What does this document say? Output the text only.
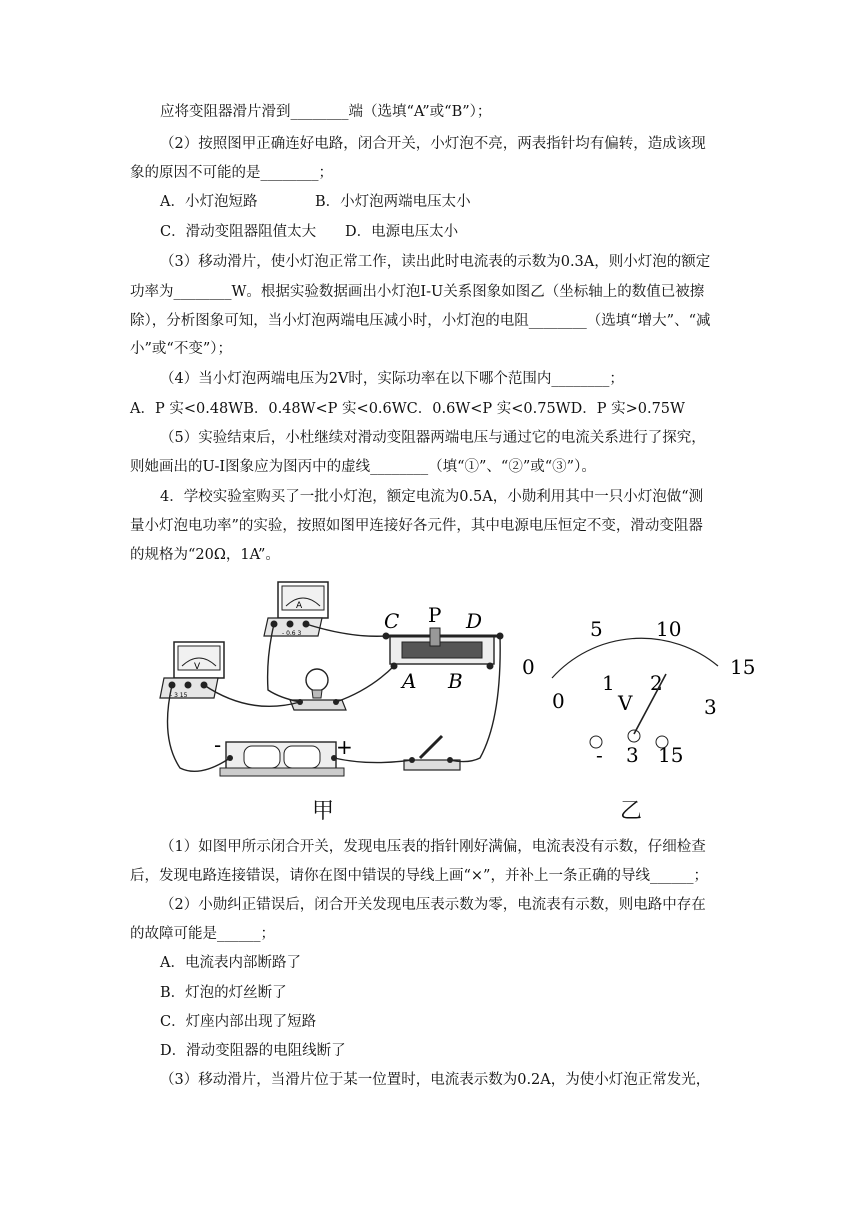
应将变阻器滑片滑到________端（选填“A”或“B”）；
（2）按照图甲正确连好电路，闭合开关，小灯泡不亮，两表指针均有偏转，造成该现
象的原因不可能的是________；
A．小灯泡短路	B．小灯泡两端电压太小
C．滑动变阻器阻值太大 D．电源电压太小
（3）移动滑片，使小灯泡正常工作，读出此时电流表的示数为0.3A，则小灯泡的额定
功率为________W。根据实验数据画出小灯泡I-U关系图象如图乙（坐标轴上的数值已被擦
除），分析图象可知，当小灯泡两端电压减小时，小灯泡的电阻________（选填“增大”、“减
小”或“不变”）；
（4）当小灯泡两端电压为2V时，实际功率在以下哪个范围内________；
A．P 实<0.48WB．0.48W<P 实<0.6WC．0.6W<P 实<0.75WD．P 实>0.75W
（5）实验结束后，小杜继续对滑动变阻器两端电压与通过它的电流关系进行了探究，
则她画出的U-I图象应为图丙中的虚线________（填“①”、“②”或“③”）。
4．学校实验室购买了一批小灯泡，额定电流为0.5A，小勋利用其中一只小灯泡做“测
量小灯泡电功率”的实验，按照如图甲连接好各元件，其中电源电压恒定不变，滑动变阻器
的规格为“20Ω，1A”。
A
- 0.6 3
V
- 3 15
C P D
A B
-	+
0
5	10
15
0
1 2
3
V
- 3 15
甲	乙
（1）如图甲所示闭合开关，发现电压表的指针刚好满偏，电流表没有示数，仔细检查
后，发现电路连接错误，请你在图中错误的导线上画“×”，并补上一条正确的导线______；
（2）小勋纠正错误后，闭合开关发现电压表示数为零，电流表有示数，则电路中存在
的故障可能是______；
A．电流表内部断路了
B．灯泡的灯丝断了
C．灯座内部出现了短路
D．滑动变阻器的电阻线断了
（3）移动滑片，当滑片位于某一位置时，电流表示数为0.2A，为使小灯泡正常发光，
